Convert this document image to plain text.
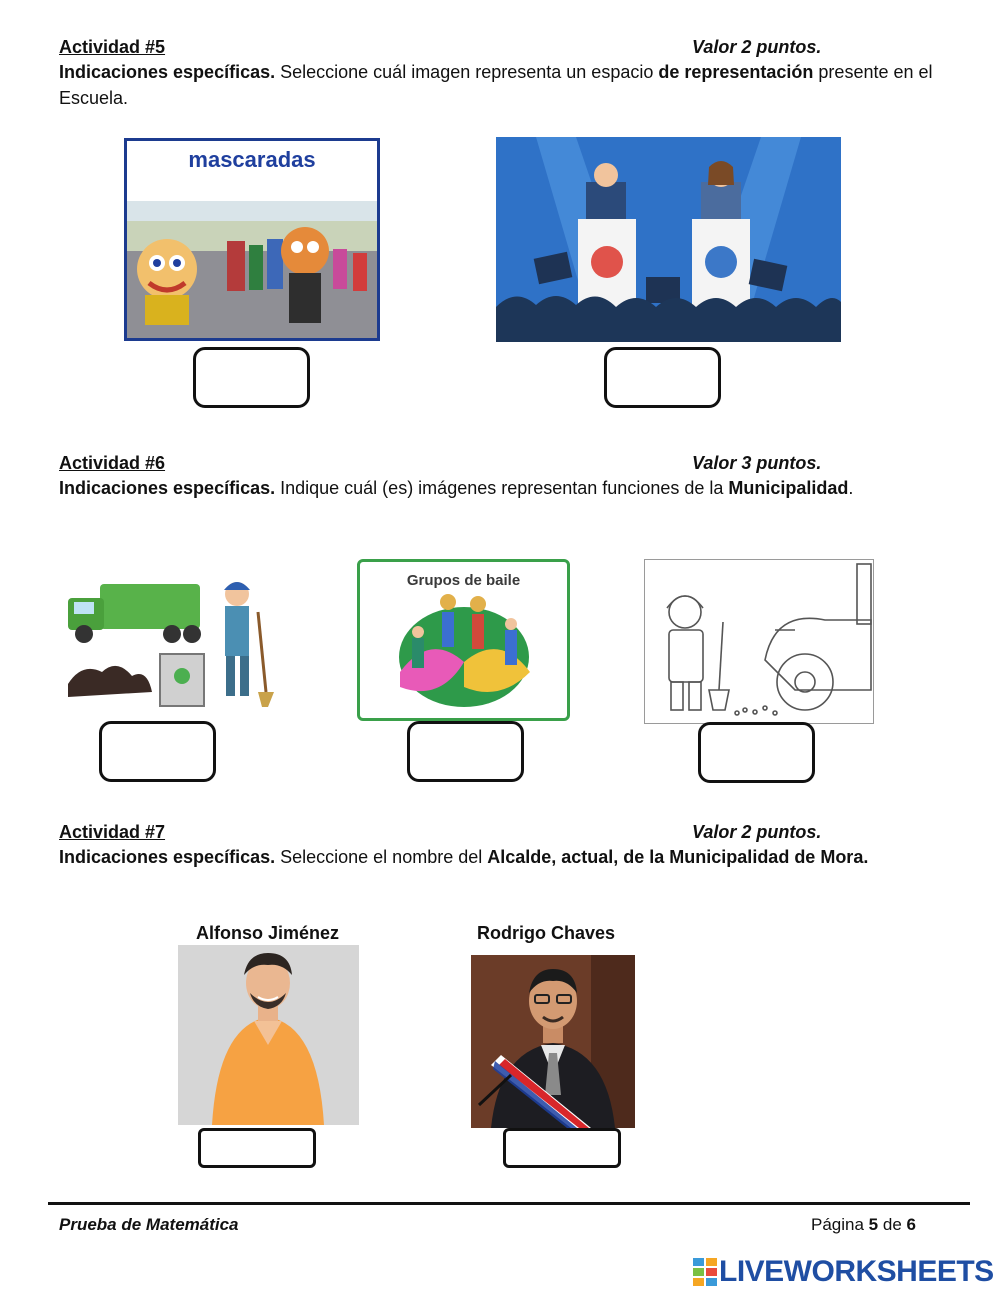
Actividad #5	Valor 2 puntos.
Indicaciones específicas. Seleccione cuál imagen representa un espacio de representación presente en el Escuela.
mascaradas
Actividad #6	Valor 3 puntos.
Indicaciones específicas. Indique cuál (es) imágenes representan funciones de la Municipalidad.
Grupos de baile
Actividad #7	Valor 2 puntos.
Indicaciones específicas. Seleccione el nombre del Alcalde, actual, de la Municipalidad de Mora.
Alfonso Jiménez	Rodrigo Chaves
Prueba de Matemática	Página 5 de 6
LIVEWORKSHEETS
